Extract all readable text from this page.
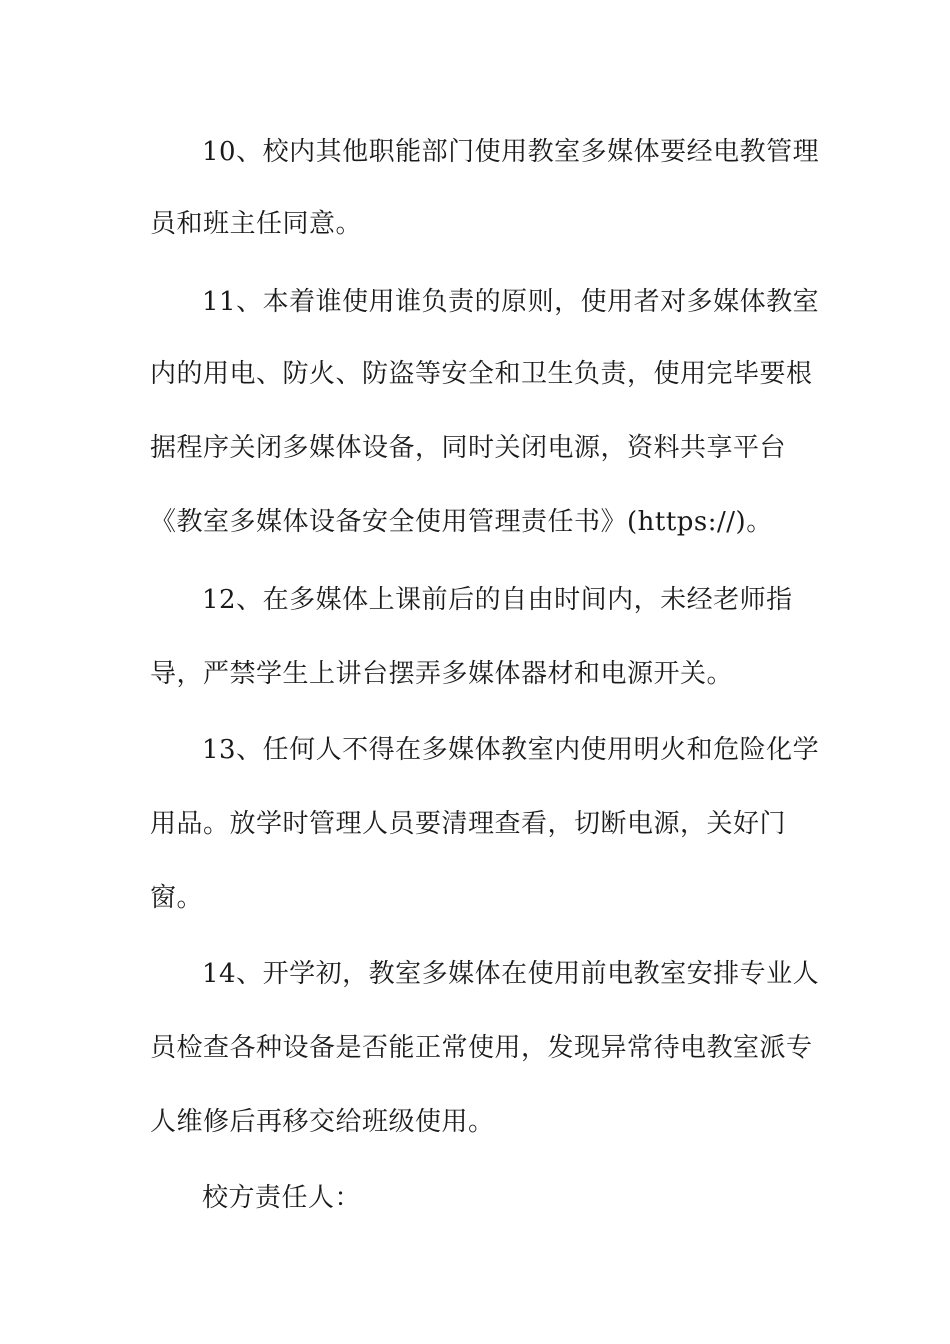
10、校内其他职能部门使用教室多媒体要经电教管理
员和班主任同意。
11、本着谁使用谁负责的原则，使用者对多媒体教室
内的用电、防火、防盗等安全和卫生负责，使用完毕要根
据程序关闭多媒体设备，同时关闭电源，资料共享平台
《教室多媒体设备安全使用管理责任书》(https://)。
12、在多媒体上课前后的自由时间内，未经老师指
导，严禁学生上讲台摆弄多媒体器材和电源开关。
13、任何人不得在多媒体教室内使用明火和危险化学
用品。放学时管理人员要清理查看，切断电源，关好门
窗。
14、开学初，教室多媒体在使用前电教室安排专业人
员检查各种设备是否能正常使用，发现异常待电教室派专
人维修后再移交给班级使用。
校方责任人：
